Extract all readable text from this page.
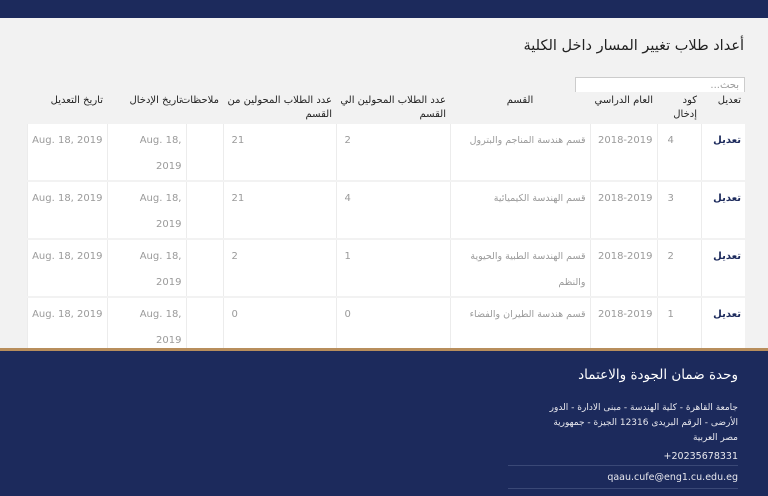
أعداد طلاب تغيير المسار داخل الكلية
بحث...
تعديل	كود إدخال	العام الدراسي	القسم	عدد الطلاب المحولين الي القسم	عدد الطلاب المحولين من القسم	ملاحظات	تاريخ الإدخال	تاريخ التعديل
تعديل	4	2018-2019	قسم هندسة المناجم والبترول	2	21		Aug. 18, 2019	Aug. 18, 2019
تعديل	3	2018-2019	قسم الهندسة الكيميائية	4	21		Aug. 18, 2019	Aug. 18, 2019
تعديل	2	2018-2019	قسم الهندسة الطبية والحيوية والنظم	1	2		Aug. 18, 2019	Aug. 18, 2019
تعديل	1	2018-2019	قسم هندسة الطيران والفضاء	0	0		Aug. 18, 2019	Aug. 18, 2019
وحدة ضمان الجودة والاعتماد
جامعة القاهرة - كلية الهندسة - مبنى الادارة - الدور الأرضى - الرقم البريدى 12316 الجيزة - جمهورية مصر العربية
+20235678331
qaau.cufe@eng1.cu.edu.eg
